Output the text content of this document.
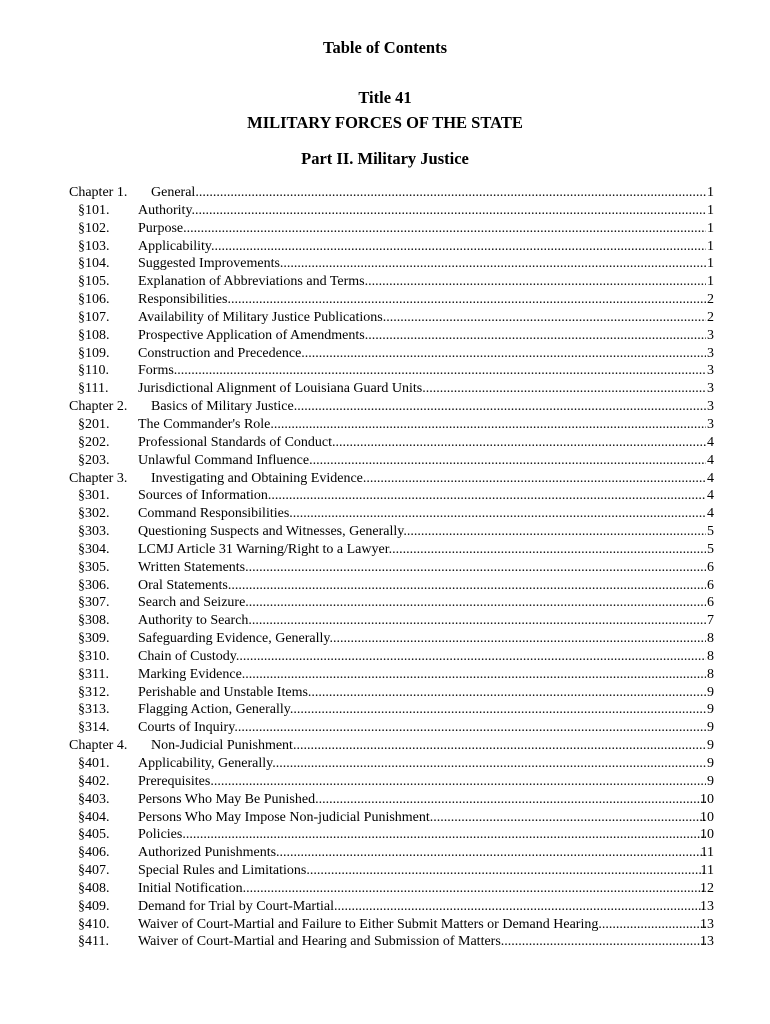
Table of Contents
Title 41
MILITARY FORCES OF THE STATE
Part II. Military Justice
Chapter 1. General .....	1
§101. Authority .....	1
§102. Purpose .....	1
§103. Applicability .....	1
§104. Suggested Improvements .....	1
§105. Explanation of Abbreviations and Terms .....	1
§106. Responsibilities .....	2
§107. Availability of Military Justice Publications .....	2
§108. Prospective Application of Amendments .....	3
§109. Construction and Precedence .....	3
§110. Forms .....	3
§111. Jurisdictional Alignment of Louisiana Guard Units .....	3
Chapter 2. Basics of Military Justice .....	3
§201. The Commander's Role .....	3
§202. Professional Standards of Conduct .....	4
§203. Unlawful Command Influence .....	4
Chapter 3. Investigating and Obtaining Evidence .....	4
§301. Sources of Information .....	4
§302. Command Responsibilities .....	4
§303. Questioning Suspects and Witnesses, Generally .....	5
§304. LCMJ Article 31 Warning/Right to a Lawyer .....	5
§305. Written Statements .....	6
§306. Oral Statements .....	6
§307. Search and Seizure .....	6
§308. Authority to Search .....	7
§309. Safeguarding Evidence, Generally .....	8
§310. Chain of Custody .....	8
§311. Marking Evidence .....	8
§312. Perishable and Unstable Items .....	9
§313. Flagging Action, Generally .....	9
§314. Courts of Inquiry .....	9
Chapter 4. Non-Judicial Punishment .....	9
§401. Applicability, Generally .....	9
§402. Prerequisites .....	9
§403. Persons Who May Be Punished .....	10
§404. Persons Who May Impose Non-judicial Punishment .....	10
§405. Policies .....	10
§406. Authorized Punishments .....	11
§407. Special Rules and Limitations .....	11
§408. Initial Notification .....	12
§409. Demand for Trial by Court-Martial .....	13
§410. Waiver of Court-Martial and Failure to Either Submit Matters or Demand Hearing .....	13
§411. Waiver of Court-Martial and Hearing and Submission of Matters .....	13
